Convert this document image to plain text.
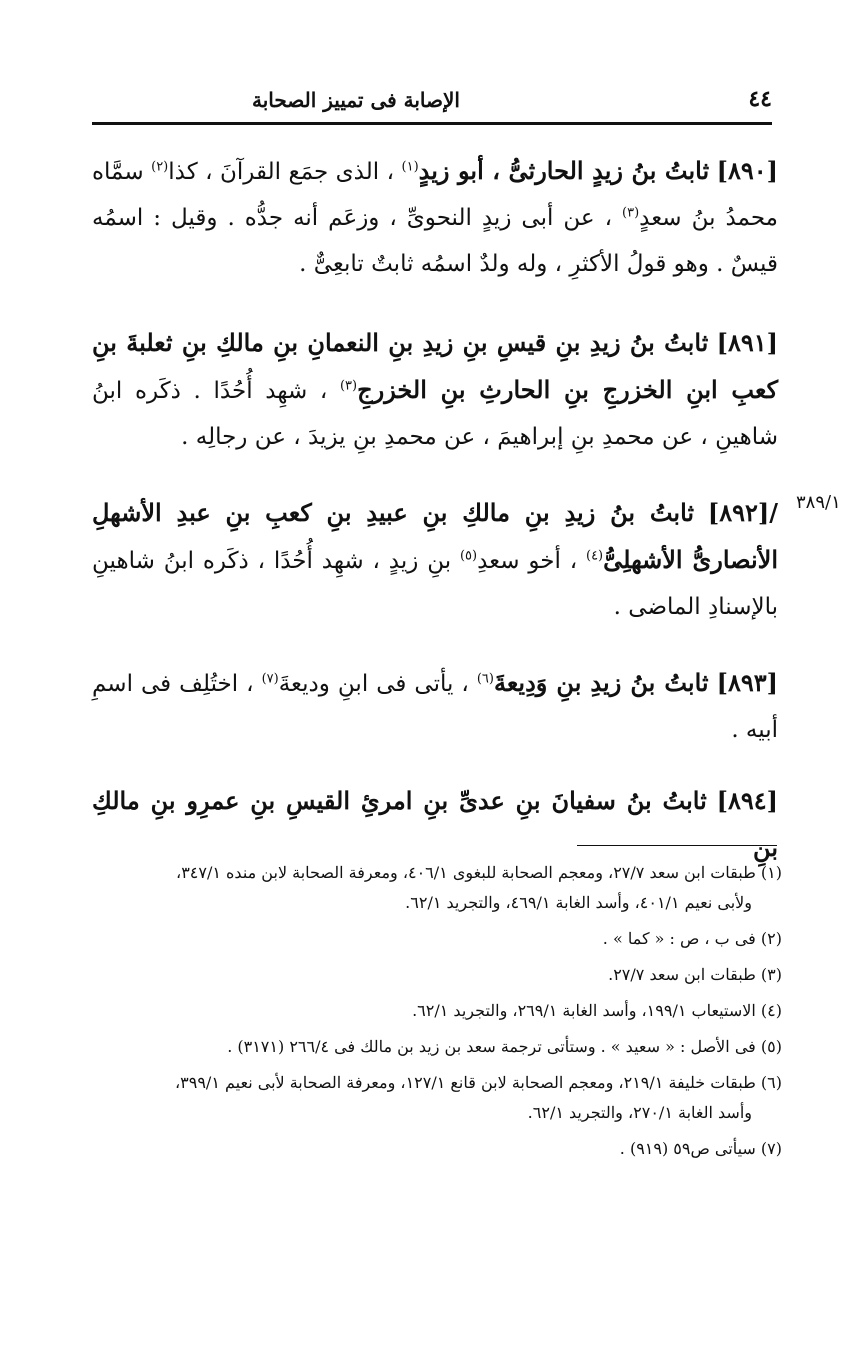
٤٤
الإصابة فى تمييز الصحابة
[٨٩٠] ثابتُ بنُ زيدٍ الحارثىُّ ، أبو زيدٍ$^{(١)}$ ، الذى جمَع القرآنَ ، كذا$^{(٢)}$ سمَّاه محمدُ بنُ سعدٍ$^{(٣)}$ ، عن أبى زيدٍ النحوىِّ ، وزعَم أنه جدُّه . وقيل : اسمُه قيسٌ . وهو قولُ الأكثرِ ، وله ولدٌ اسمُه ثابتٌ تابعِىٌّ .
[٨٩١] ثابتُ بنُ زيدِ بنِ قيسِ بنِ زيدِ بنِ النعمانِ بنِ مالكِ بنِ ثعلبةَ بنِ كعبِ ابنِ الخزرجِ بنِ الحارثِ بنِ الخزرجِ$^{(٣)}$ ، شهِد أُحُدًا . ذكَره ابنُ شاهينِ ، عن محمدِ بنِ إبراهيمَ ، عن محمدِ بنِ يزيدَ ، عن رجالِه .
٣٨٩/١
/[٨٩٢] ثابتُ بنُ زيدِ بنِ مالكِ بنِ عبيدِ بنِ كعبِ بنِ عبدِ الأشهلِ الأنصارىُّ الأشهلِىُّ$^{(٤)}$ ، أخو سعدِ$^{(٥)}$ بنِ زيدٍ ، شهِد أُحُدًا ، ذكَره ابنُ شاهينِ بالإسنادِ الماضى .
[٨٩٣] ثابتُ بنُ زيدِ بنِ وَدِيعةَ$^{(٦)}$ ، يأتى فى ابنِ وديعةَ$^{(٧)}$ ، اختُلِف فى اسمِ أبيه .
[٨٩٤] ثابتُ بنُ سفيانَ بنِ عدىِّ بنِ امرئِ القيسِ بنِ عمرِو بنِ مالكِ بنِ
(١) طبقات ابن سعد ٧/‏٢٧، ومعجم الصحابة للبغوى ١/‏٤٠٦، ومعرفة الصحابة لابن منده ١/‏٣٤٧،
ولأبى نعيم ١/‏٤٠١، وأسد الغابة ١/‏٤٦٩، والتجريد ١/‏٦٢.
(٢) فى ب ، ص : « كما » .
(٣) طبقات ابن سعد ٧/‏٢٧.
(٤) الاستيعاب ١/‏١٩٩، وأسد الغابة ١/‏٢٦٩، والتجريد ١/‏٦٢.
(٥) فى الأصل : « سعيد » . وستأتى ترجمة سعد بن زيد بن مالك فى ٤/‏٢٦٦ (٣١٧١) .
(٦) طبقات خليفة ١/‏٢١٩، ومعجم الصحابة لابن قانع ١/‏١٢٧، ومعرفة الصحابة لأبى نعيم ١/‏٣٩٩،
وأسد الغابة ١/‏٢٧٠، والتجريد ١/‏٦٢.
(٧) سيأتى ص٥٩ (٩١٩) .
